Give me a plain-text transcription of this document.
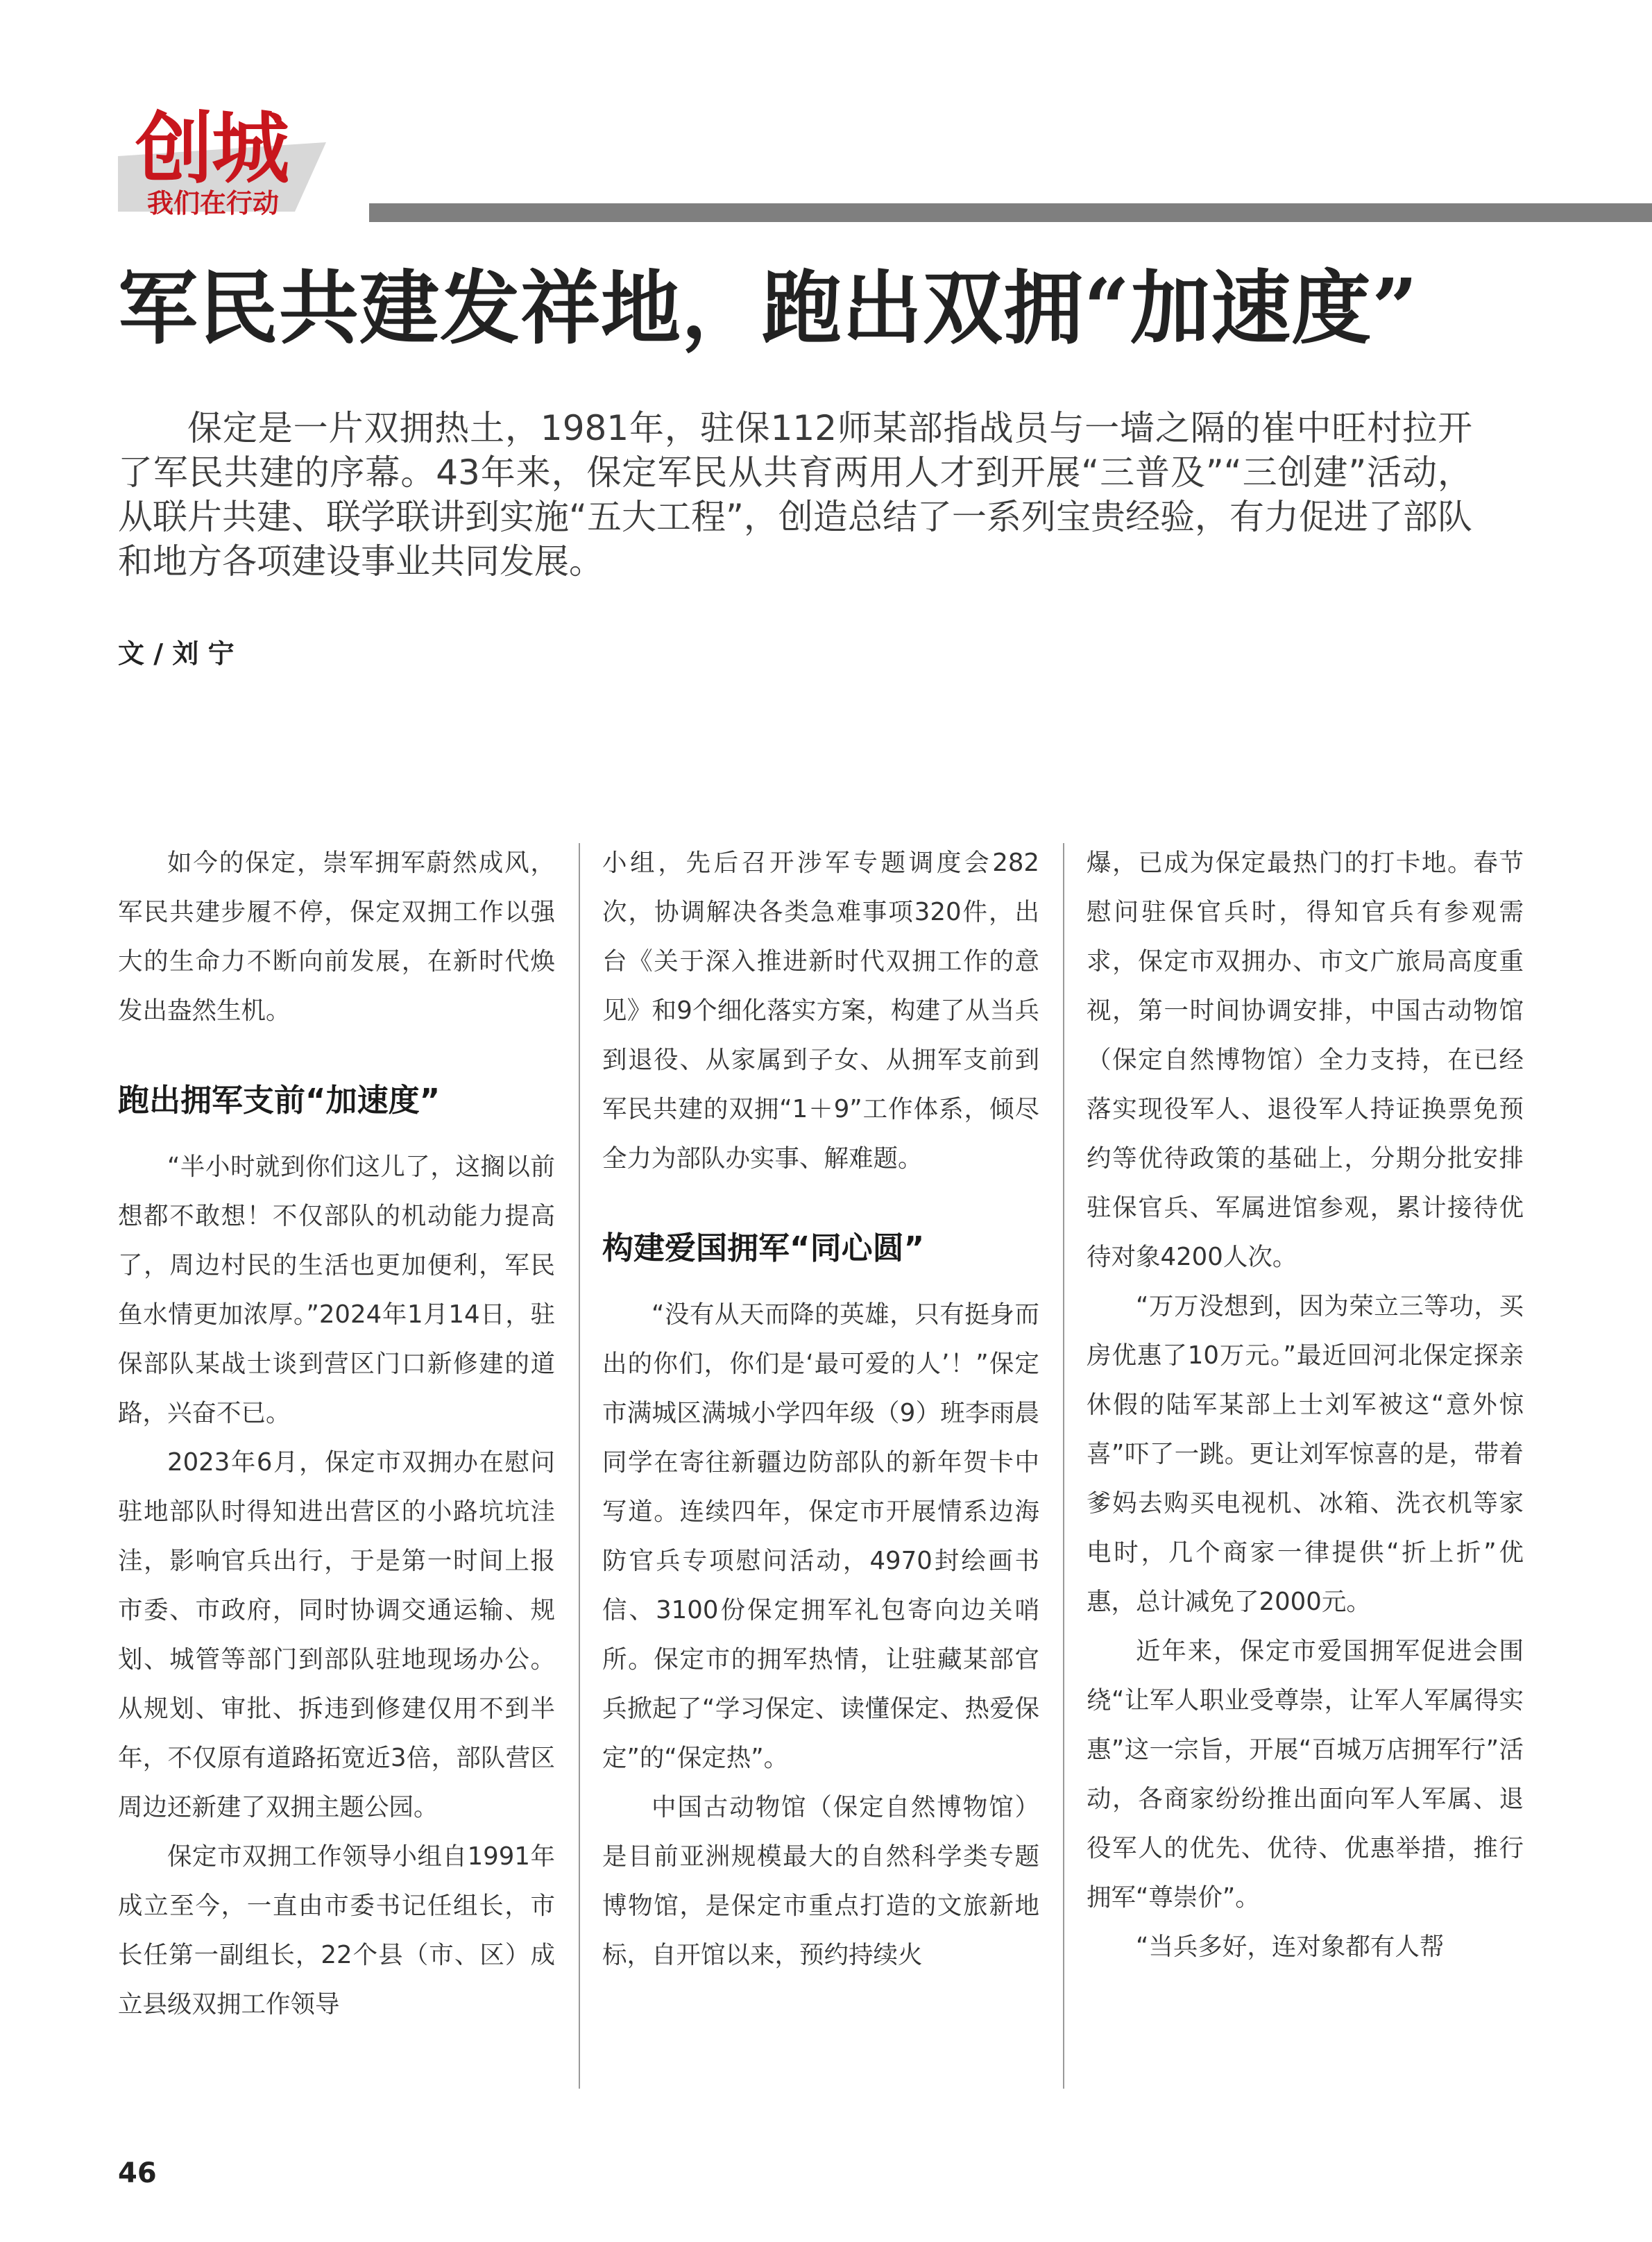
创城
我们在行动
军民共建发祥地，跑出双拥“加速度”
保定是一片双拥热土，1981年，驻保112师某部指战员与一墙之隔的崔中旺村拉开了军民共建的序幕。43年来，保定军民从共育两用人才到开展“三普及”“三创建”活动，从联片共建、联学联讲到实施“五大工程”，创造总结了一系列宝贵经验，有力促进了部队和地方各项建设事业共同发展。
文 / 刘 宁

如今的保定，崇军拥军蔚然成风，军民共建步履不停，保定双拥工作以强大的生命力不断向前发展，在新时代焕发出盎然生机。

跑出拥军支前“加速度”

“半小时就到你们这儿了，这搁以前想都不敢想！不仅部队的机动能力提高了，周边村民的生活也更加便利，军民鱼水情更加浓厚。”2024年1月14日，驻保部队某战士谈到营区门口新修建的道路，兴奋不已。

2023年6月，保定市双拥办在慰问驻地部队时得知进出营区的小路坑坑洼洼，影响官兵出行，于是第一时间上报市委、市政府，同时协调交通运输、规划、城管等部门到部队驻地现场办公。从规划、审批、拆违到修建仅用不到半年，不仅原有道路拓宽近3倍，部队营区周边还新建了双拥主题公园。

保定市双拥工作领导小组自1991年成立至今，一直由市委书记任组长，市长任第一副组长，22个县（市、区）成立县级双拥工作领导

小组，先后召开涉军专题调度会282次，协调解决各类急难事项320件，出台《关于深入推进新时代双拥工作的意见》和9个细化落实方案，构建了从当兵到退役、从家属到子女、从拥军支前到军民共建的双拥“1＋9”工作体系，倾尽全力为部队办实事、解难题。

构建爱国拥军“同心圆”

“没有从天而降的英雄，只有挺身而出的你们，你们是‘最可爱的人’！”保定市满城区满城小学四年级（9）班李雨晨同学在寄往新疆边防部队的新年贺卡中写道。连续四年，保定市开展情系边海防官兵专项慰问活动，4970封绘画书信、3100份保定拥军礼包寄向边关哨所。保定市的拥军热情，让驻藏某部官兵掀起了“学习保定、读懂保定、热爱保定”的“保定热”。

中国古动物馆（保定自然博物馆）是目前亚洲规模最大的自然科学类专题博物馆，是保定市重点打造的文旅新地标，自开馆以来，预约持续火

爆，已成为保定最热门的打卡地。春节慰问驻保官兵时，得知官兵有参观需求，保定市双拥办、市文广旅局高度重视，第一时间协调安排，中国古动物馆（保定自然博物馆）全力支持，在已经落实现役军人、退役军人持证换票免预约等优待政策的基础上，分期分批安排驻保官兵、军属进馆参观，累计接待优待对象4200人次。

“万万没想到，因为荣立三等功，买房优惠了10万元。”最近回河北保定探亲休假的陆军某部上士刘军被这“意外惊喜”吓了一跳。更让刘军惊喜的是，带着爹妈去购买电视机、冰箱、洗衣机等家电时，几个商家一律提供“折上折”优惠，总计减免了2000元。

近年来，保定市爱国拥军促进会围绕“让军人职业受尊崇，让军人军属得实惠”这一宗旨，开展“百城万店拥军行”活动，各商家纷纷推出面向军人军属、退役军人的优先、优待、优惠举措，推行拥军“尊崇价”。

“当兵多好，连对象都有人帮

46
